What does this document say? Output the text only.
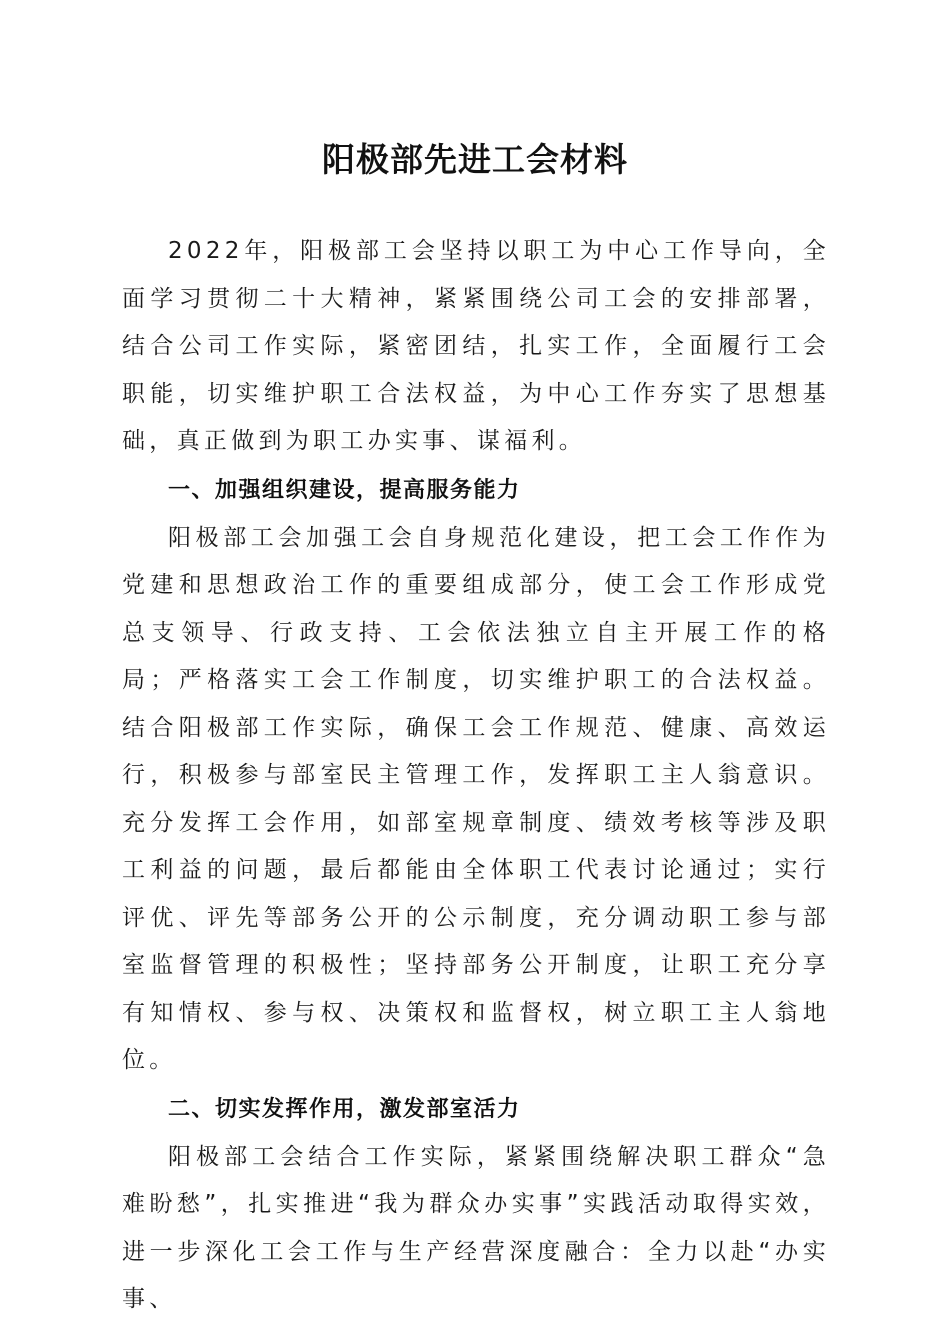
阳极部先进工会材料

2022年，阳极部工会坚持以职工为中心工作导向，全面学习贯彻二十大精神，紧紧围绕公司工会的安排部署，结合公司工作实际，紧密团结，扎实工作，全面履行工会职能，切实维护职工合法权益，为中心工作夯实了思想基础，真正做到为职工办实事、谋福利。

一、加强组织建设，提高服务能力

阳极部工会加强工会自身规范化建设，把工会工作作为党建和思想政治工作的重要组成部分，使工会工作形成党总支领导、行政支持、工会依法独立自主开展工作的格局；严格落实工会工作制度，切实维护职工的合法权益。结合阳极部工作实际，确保工会工作规范、健康、高效运行，积极参与部室民主管理工作，发挥职工主人翁意识。充分发挥工会作用，如部室规章制度、绩效考核等涉及职工利益的问题，最后都能由全体职工代表讨论通过；实行评优、评先等部务公开的公示制度，充分调动职工参与部室监督管理的积极性；坚持部务公开制度，让职工充分享有知情权、参与权、决策权和监督权，树立职工主人翁地位。

二、切实发挥作用，激发部室活力

阳极部工会结合工作实际，紧紧围绕解决职工群众“急难盼愁”，扎实推进“我为群众办实事”实践活动取得实效，进一步深化工会工作与生产经营深度融合：全力以赴“办实事、
